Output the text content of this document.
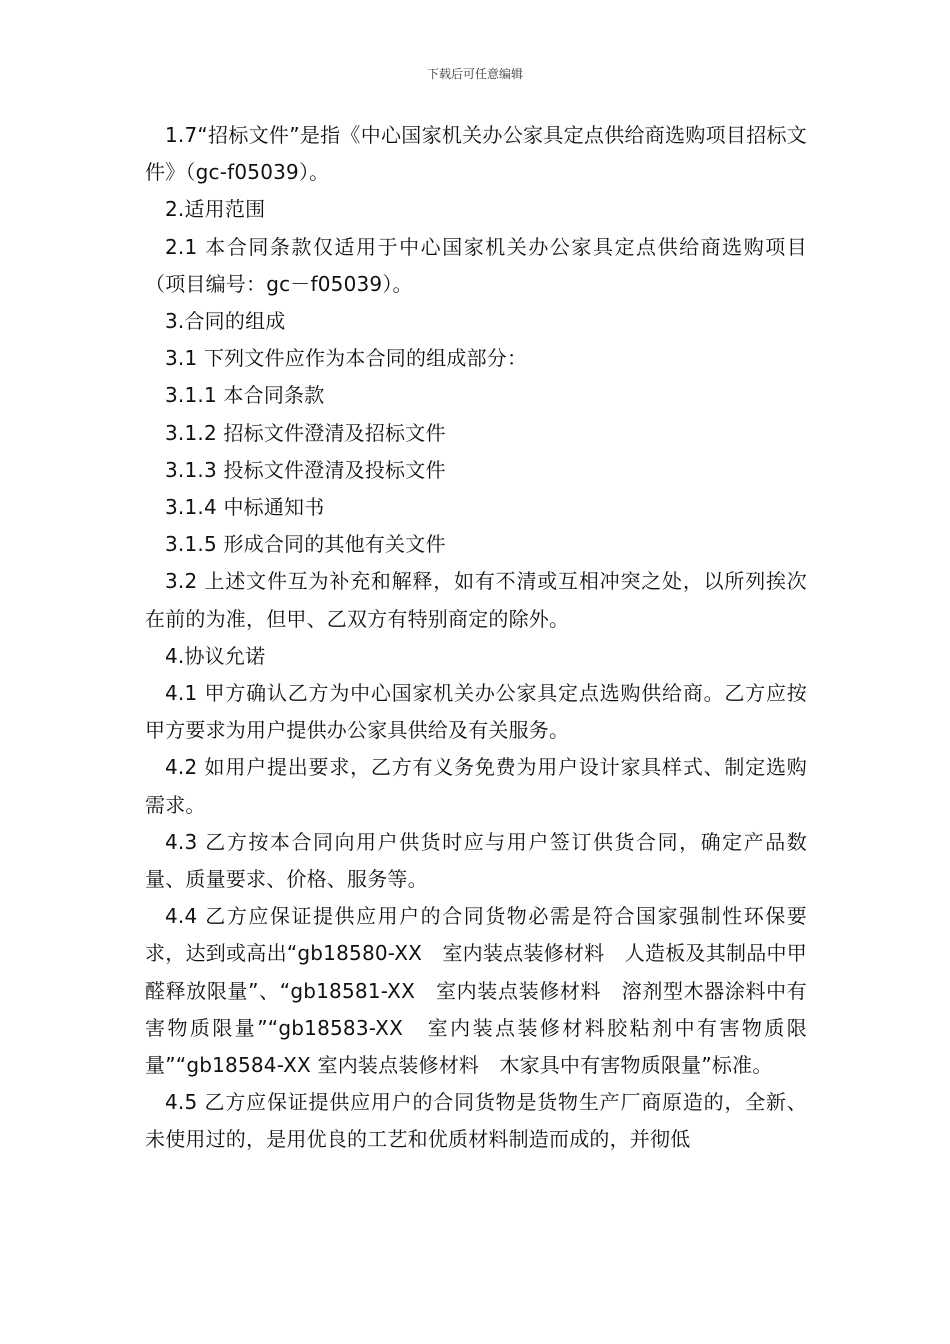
下载后可任意编辑

1.7“招标文件”是指《中心国家机关办公家具定点供给商选购项目招标文件》（gc-f05039）。

2.适用范围

2.1 本合同条款仅适用于中心国家机关办公家具定点供给商选购项目（项目编号：gc－f05039）。

3.合同的组成

3.1 下列文件应作为本合同的组成部分：

3.1.1 本合同条款

3.1.2 招标文件澄清及招标文件

3.1.3 投标文件澄清及投标文件

3.1.4 中标通知书

3.1.5 形成合同的其他有关文件

3.2 上述文件互为补充和解释，如有不清或互相冲突之处，以所列挨次在前的为准，但甲、乙双方有特别商定的除外。

4.协议允诺

4.1 甲方确认乙方为中心国家机关办公家具定点选购供给商。乙方应按甲方要求为用户提供办公家具供给及有关服务。

4.2 如用户提出要求，乙方有义务免费为用户设计家具样式、制定选购需求。

4.3 乙方按本合同向用户供货时应与用户签订供货合同，确定产品数量、质量要求、价格、服务等。

4.4 乙方应保证提供应用户的合同货物必需是符合国家强制性环保要求，达到或高出“gb18580-XX　室内装点装修材料　人造板及其制品中甲醛释放限量”、“gb18581-XX　室内装点装修材料　溶剂型木器涂料中有害物质限量”“gb18583-XX　室内装点装修材料胶粘剂中有害物质限量”“gb18584-XX 室内装点装修材料　木家具中有害物质限量”标准。

4.5 乙方应保证提供应用户的合同货物是货物生产厂商原造的，全新、未使用过的，是用优良的工艺和优质材料制造而成的，并彻低
